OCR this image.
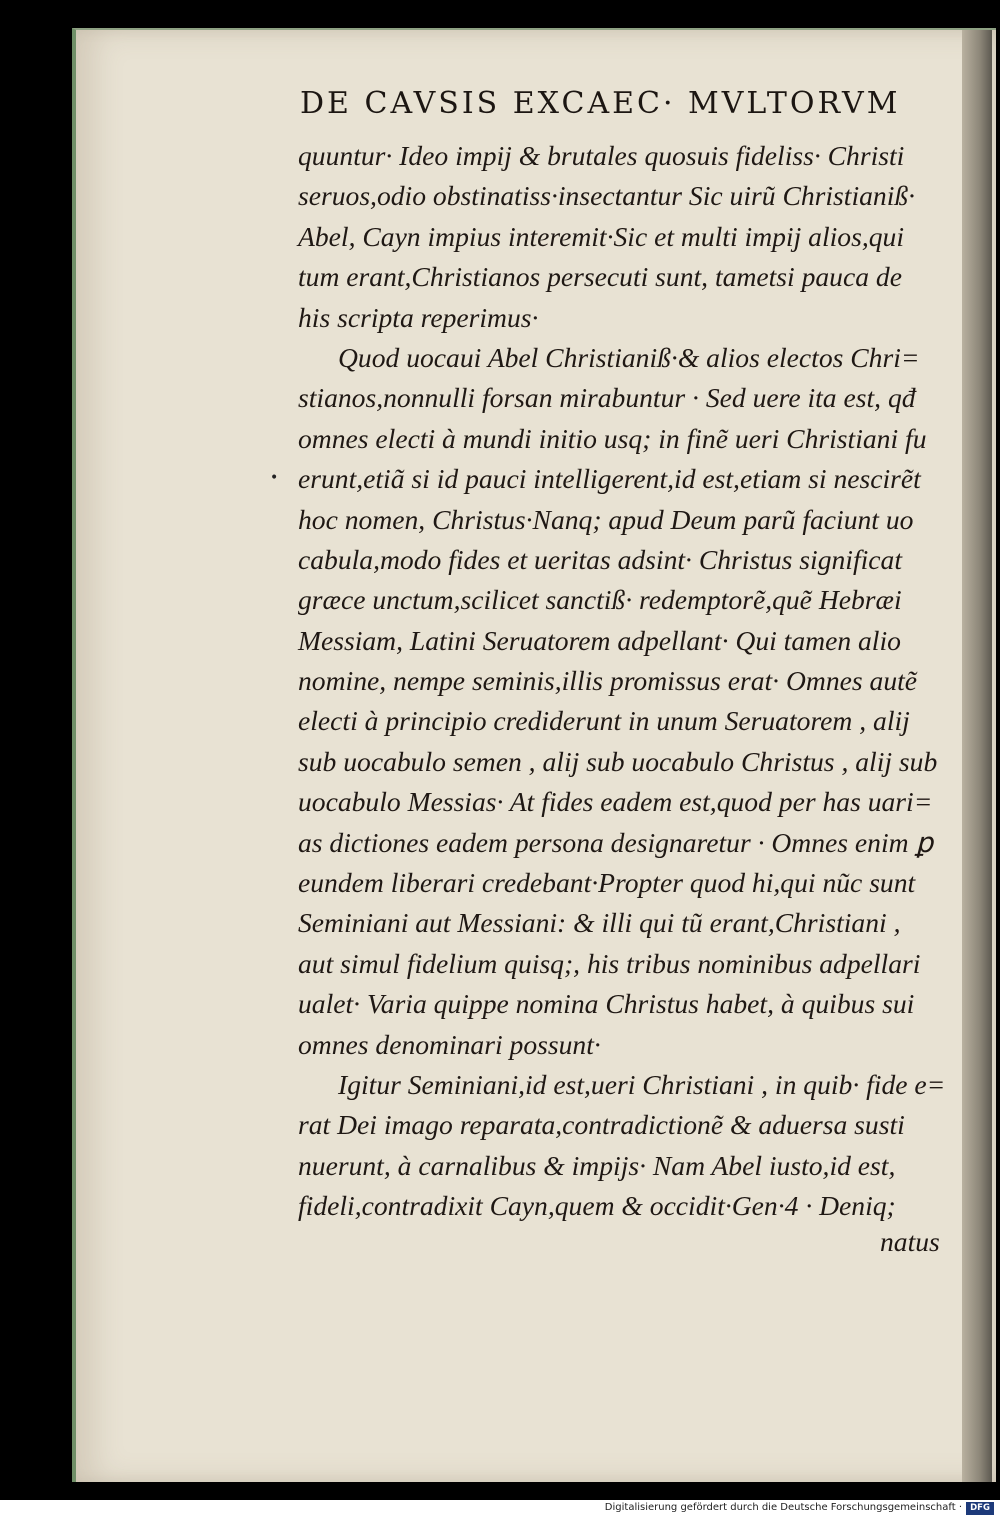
DE CAVSIS EXCAEC· MVLTORVM
•
quuntur· Ideo impij & brutales quosuis fideliss· Christi
seruos,odio obstinatiss·insectantur Sic uirũ Christianiß·
Abel, Cayn impius interemit·Sic et multi impij alios,qui
tum erant,Christianos persecuti sunt, tametsi pauca de
his scripta reperimus·
Quod uocaui Abel Christianiß·& alios electos Chri=
stianos,nonnulli forsan mirabuntur · Sed uere ita est, qđ
omnes electi à mundi initio usq; in finẽ ueri Christiani fu
erunt,etiã si id pauci intelligerent,id est,etiam si nescirẽt
hoc nomen, Christus·Nanq; apud Deum parũ faciunt uo
cabula,modo fides et ueritas adsint· Christus significat
græce unctum,scilicet sanctiß· redemptorẽ,quẽ Hebræi
Messiam, Latini Seruatorem adpellant· Qui tamen alio
nomine, nempe seminis,illis promissus erat· Omnes autẽ
electi à principio crediderunt in unum Seruatorem , alij
sub uocabulo semen , alij sub uocabulo Christus , alij sub
uocabulo Messias· At fides eadem est,quod per has uari=
as dictiones eadem persona designaretur · Omnes enim ꝑ
eundem liberari credebant·Propter quod hi,qui nũc sunt
Seminiani aut Messiani: & illi qui tũ erant,Christiani ,
aut simul fidelium quisq;, his tribus nominibus adpellari
ualet· Varia quippe nomina Christus habet, à quibus sui
omnes denominari possunt·
Igitur Seminiani,id est,ueri Christiani , in quib· fide e=
rat Dei imago reparata,contradictionẽ & aduersa susti
nuerunt, à carnalibus & impijs· Nam Abel iusto,id est,
fideli,contradixit Cayn,quem & occidit·Gen·4 · Deniq;
natus
Digitalisierung gefördert durch die Deutsche Forschungsgemeinschaft · DFG
